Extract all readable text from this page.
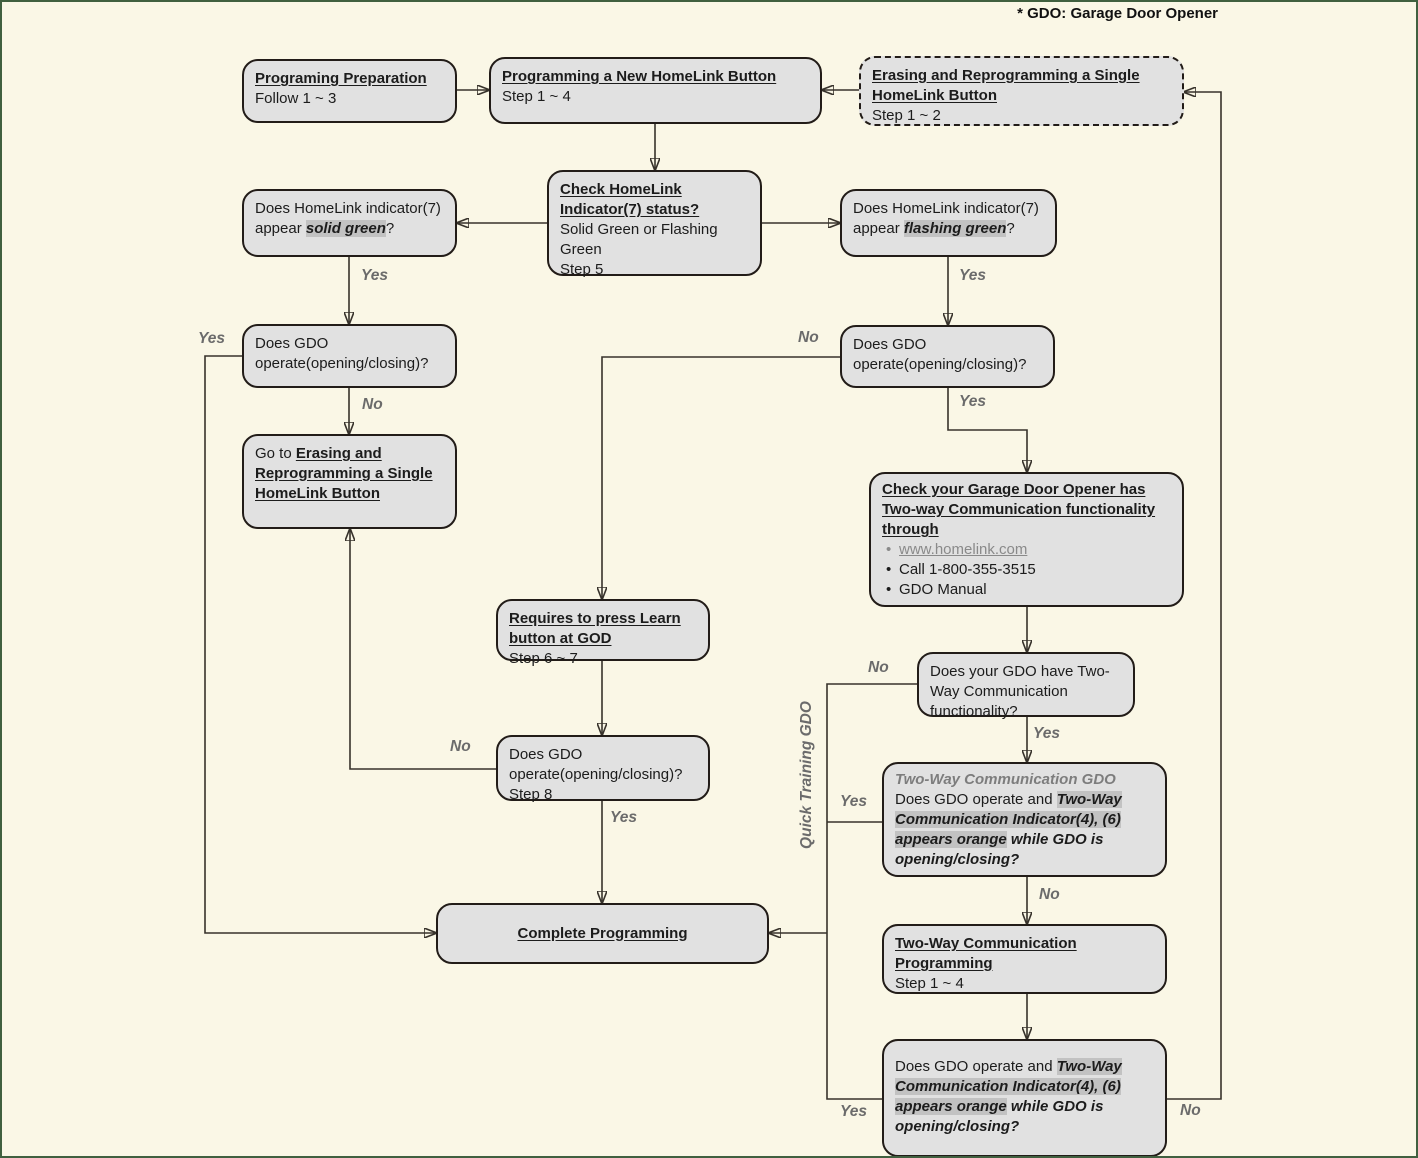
* GDO: Garage Door Opener
Programing Preparation
Follow 1 ~ 3
Programming a New HomeLink Button
Step 1 ~ 4
Erasing and Reprogramming a Single HomeLink Button
Step 1 ~ 2
Check HomeLink Indicator(7) status?
Solid Green or Flashing Green
Step 5
Does HomeLink indicator(7) appear solid green?
Does HomeLink indicator(7) appear flashing green?
Does GDO operate(opening/closing)?
Does GDO operate(opening/closing)?
Go to Erasing and Reprogramming a Single HomeLink Button	Check your Garage Door Opener has Two-way Communication functionality through
• www.homelink.com
• Call 1-800-355-3515
• GDO Manual
Requires to press Learn button at GOD
Step 6 ~ 7
Does GDO operate(opening/closing)?
Step 8
Does your GDO have Two-Way Communication functionality?
Two-Way Communication GDO
Does GDO operate and Two-Way Communication Indicator(4), (6) appears orange while GDO is opening/closing?
Two-Way Communication Programming
Step 1 ~ 4
Complete Programming
Does GDO operate and Two-Way Communication Indicator(4), (6) appears orange while GDO is opening/closing?
Yes	Yes
Yes
No
No
Yes
No
Yes
Yes
No
No
Yes
Yes	No
Quick Training GDO
